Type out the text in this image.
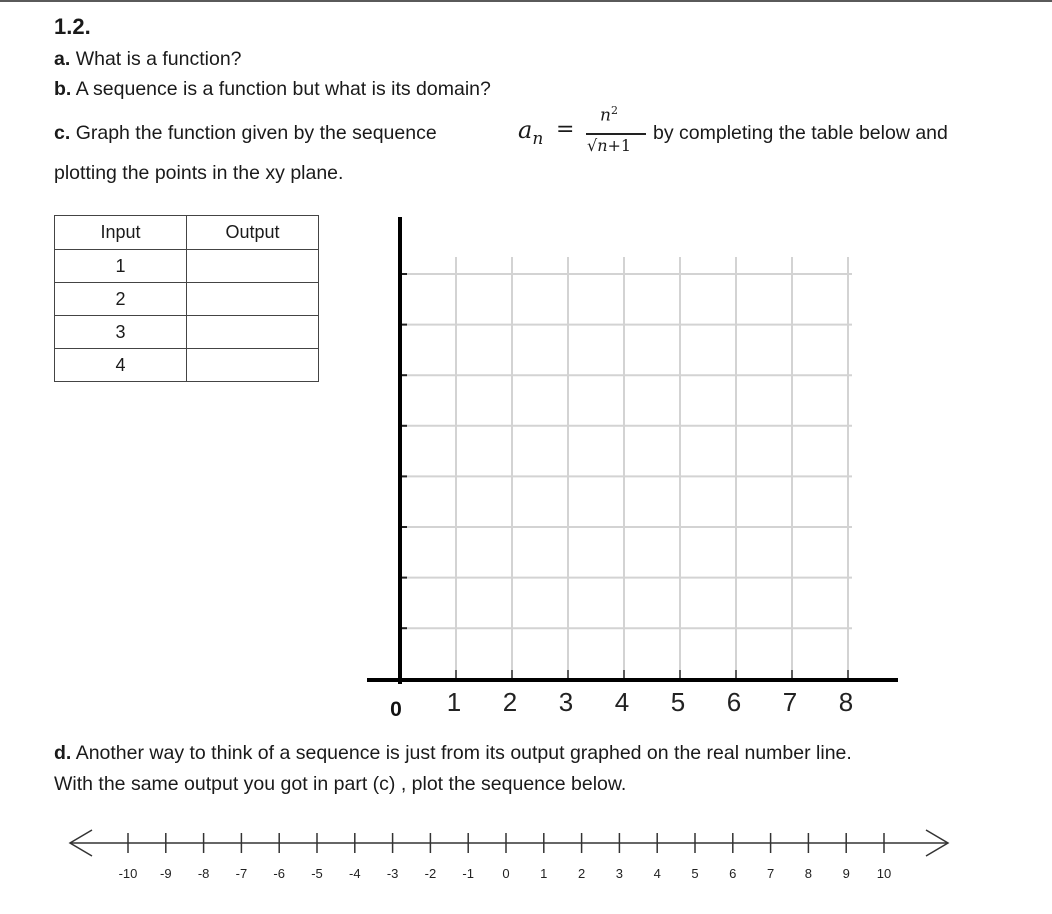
1.2.
a. What is a function?
b. A sequence is a function but what is its domain?
c. Graph the function given by the sequence	$a_n$ =
$n^2$
√n+1
by completing the table below and
plotting the points in the xy plane.
Input	Output
1	
2	
3	
4	
0 1 2 3 4 5 6 7 8
d. Another way to think of a sequence is just from its output graphed on the real number line.
With the same output you got in part (c) , plot the sequence below.
-10 -9 -8 -7 -6 -5 -4 -3 -2 -1 0 1 2 3 4 5 6 7 8 9 10
